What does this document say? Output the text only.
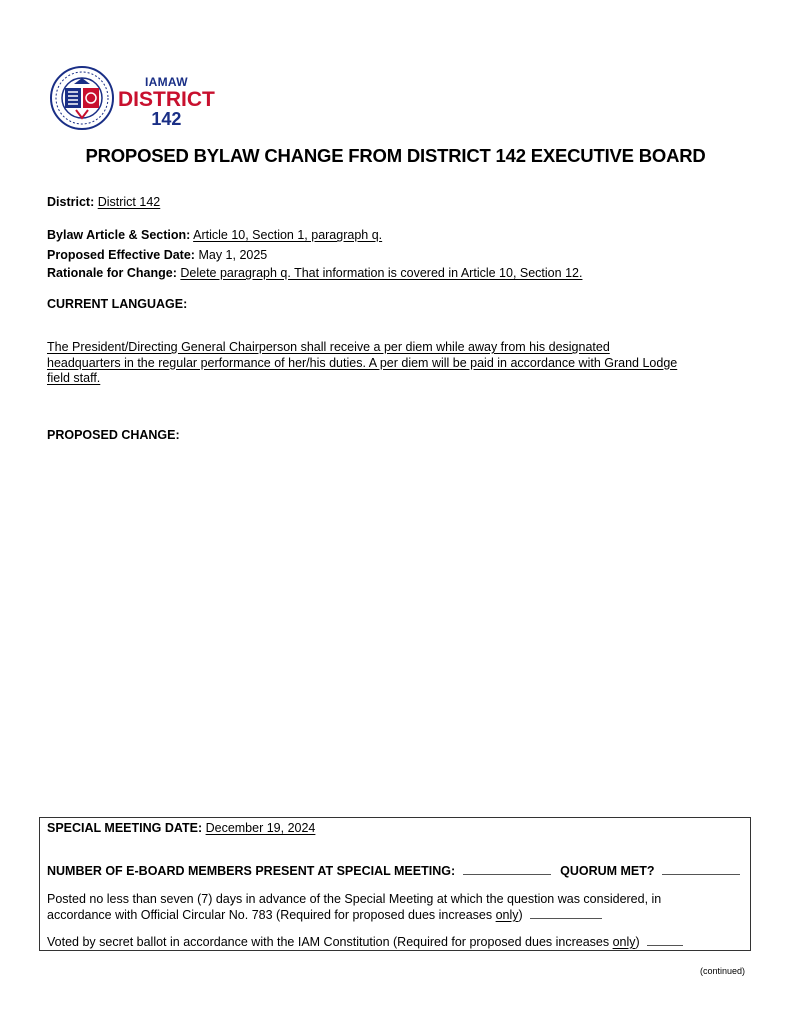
IAMAW
DISTRICT
142
PROPOSED BYLAW CHANGE FROM DISTRICT 142 EXECUTIVE BOARD
District: District 142
Bylaw Article & Section: Article 10, Section 1, paragraph q.
Proposed Effective Date: May 1, 2025
Rationale for Change: Delete paragraph q. That information is covered in Article 10, Section 12.
CURRENT LANGUAGE:
The President/Directing General Chairperson shall receive a per diem while away from his designated
headquarters in the regular performance of her/his duties. A per diem will be paid in accordance with Grand Lodge
field staff.
PROPOSED CHANGE:
SPECIAL MEETING DATE: December 19, 2024
NUMBER OF E-BOARD MEMBERS PRESENT AT SPECIAL MEETING:	QUORUM MET?
Posted no less than seven (7) days in advance of the Special Meeting at which the question was considered, in
accordance with Official Circular No. 783 (Required for proposed dues increases only)
Voted by secret ballot in accordance with the IAM Constitution (Required for proposed dues increases only)
(continued)
